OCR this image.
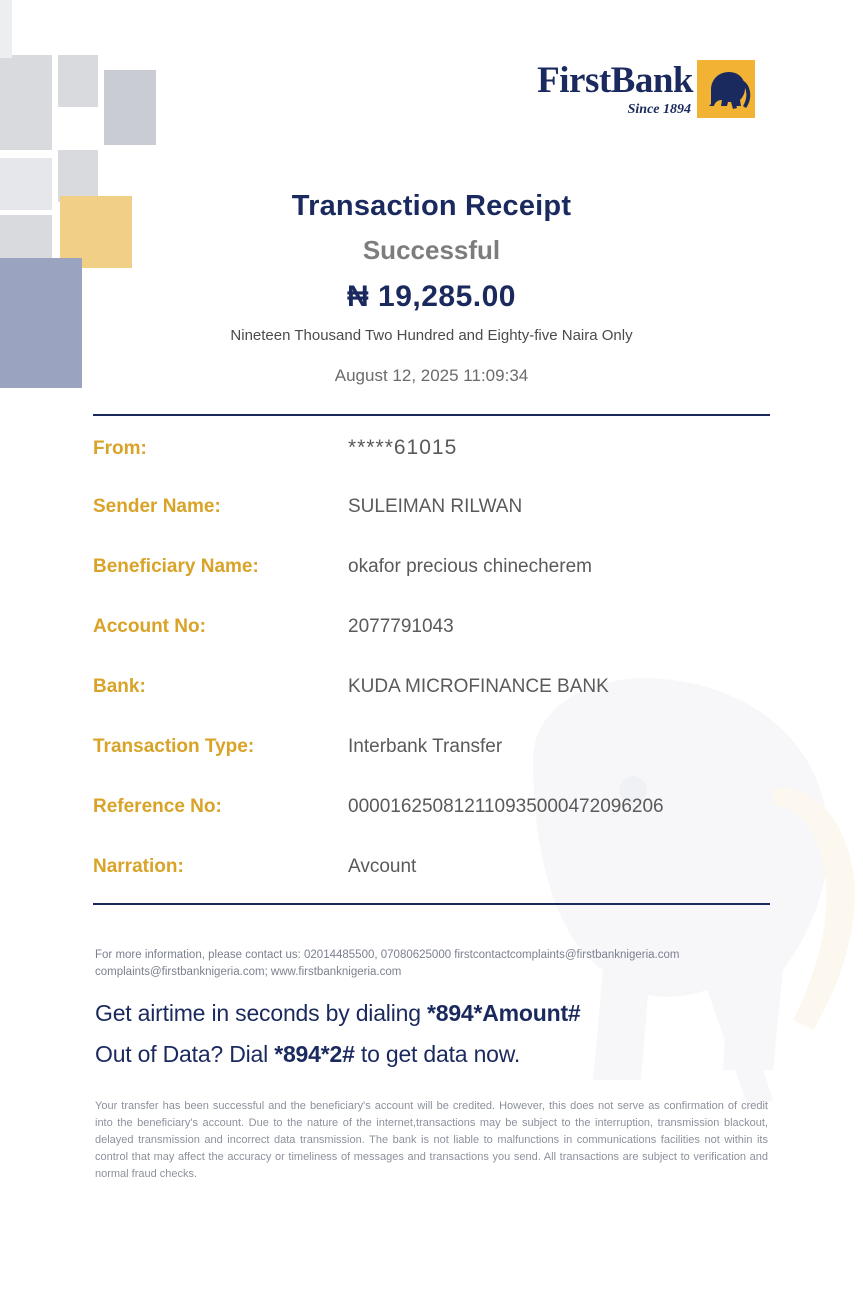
FirstBank
Since 1894
Transaction Receipt
Successful
₦ 19,285.00
Nineteen Thousand Two Hundred and Eighty-five Naira Only
August 12, 2025 11:09:34
From:	*****61015
Sender Name:	SULEIMAN RILWAN
Beneficiary Name:	okafor precious chinecherem
Account No:	2077791043
Bank:	KUDA MICROFINANCE BANK
Transaction Type:	Interbank Transfer
Reference No:	000016250812110935000472096206
Narration:	Avcount
For more information, please contact us: 02014485500, 07080625000 firstcontactcomplaints@firstbanknigeria.com
complaints@firstbanknigeria.com; www.firstbanknigeria.com
Get airtime in seconds by dialing *894*Amount#
Out of Data? Dial *894*2# to get data now.
Your transfer has been successful and the beneficiary's account will be credited. However, this does not serve as confirmation of credit into the beneficiary's account. Due to the nature of the internet,transactions may be subject to the interruption, transmission blackout, delayed transmission and incorrect data transmission. The bank is not liable to malfunctions in communications facilities not within its control that may affect the accuracy or timeliness of messages and transactions you send. All transactions are subject to verification and normal fraud checks.
